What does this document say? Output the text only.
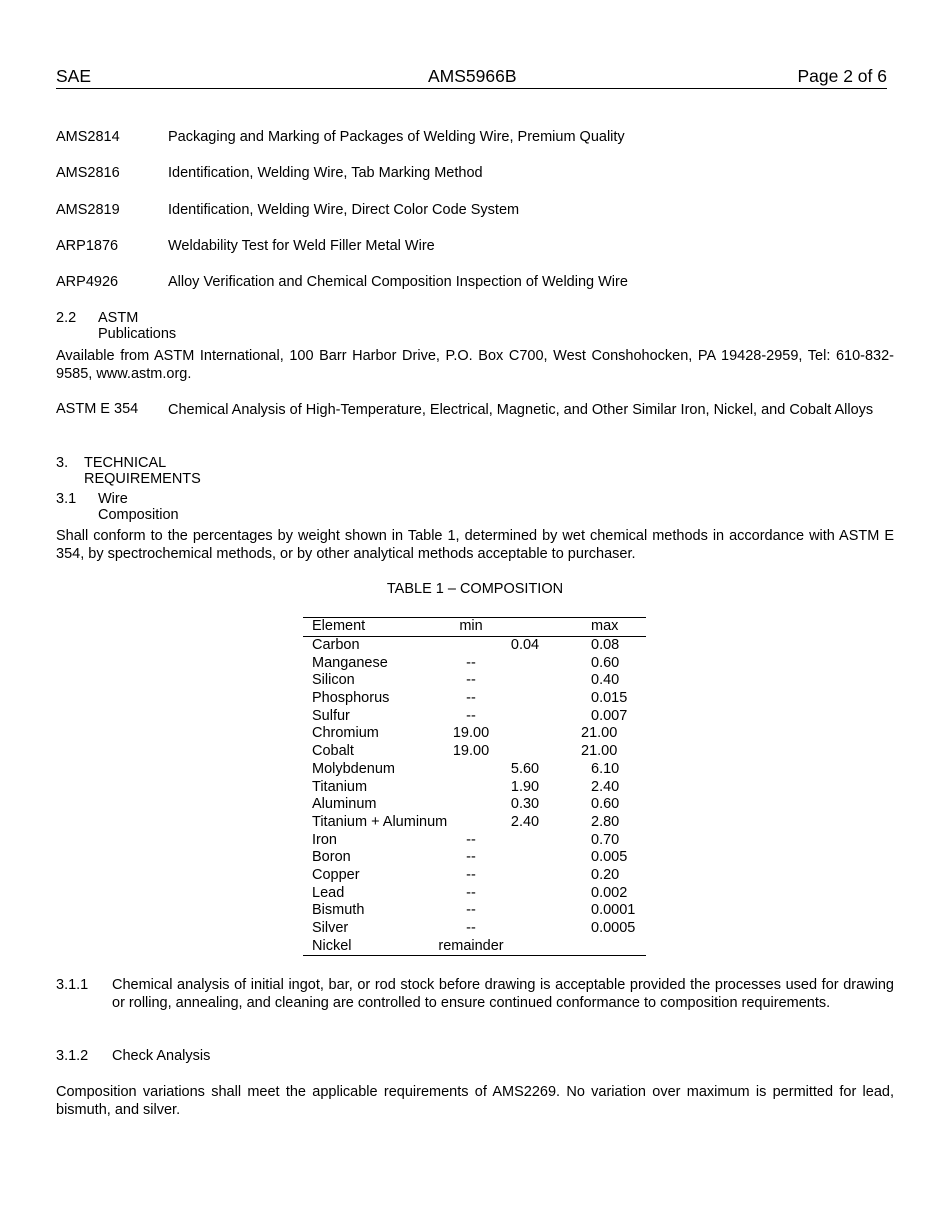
SAE	AMS5966B	Page 2 of 6
AMS2814	Packaging and Marking of Packages of Welding Wire, Premium Quality
AMS2816	Identification, Welding Wire, Tab Marking Method
AMS2819	Identification, Welding Wire, Direct Color Code System
ARP1876	Weldability Test for Weld Filler Metal Wire
ARP4926	Alloy Verification and Chemical Composition Inspection of Welding Wire
2.2 ASTM Publications
Available from ASTM International, 100 Barr Harbor Drive, P.O. Box C700, West Conshohocken, PA 19428-2959, Tel: 610-832-9585, www.astm.org.
ASTM E 354	Chemical Analysis of High-Temperature, Electrical, Magnetic, and Other Similar Iron, Nickel, and Cobalt Alloys
3. TECHNICAL REQUIREMENTS
3.1 Wire Composition
Shall conform to the percentages by weight shown in Table 1, determined by wet chemical methods in accordance with ASTM E 354, by spectrochemical methods, or by other analytical methods acceptable to purchaser.
TABLE 1 – COMPOSITION
Element	min	max
Carbon	0.04	0.08
Manganese	--	0.60
Silicon	--	0.40
Phosphorus	--	0.015
Sulfur	--	0.007
Chromium	19.00	21.00
Cobalt	19.00	21.00
Molybdenum	5.60	6.10
Titanium	1.90	2.40
Aluminum	0.30	0.60
Titanium + Aluminum	2.40	2.80
Iron	--	0.70
Boron	--	0.005
Copper	--	0.20
Lead	--	0.002
Bismuth	--	0.0001
Silver	--	0.0005
Nickel	remainder
3.1.1 Chemical analysis of initial ingot, bar, or rod stock before drawing is acceptable provided the processes used for drawing or rolling, annealing, and cleaning are controlled to ensure continued conformance to composition requirements.
3.1.2 Check Analysis
Composition variations shall meet the applicable requirements of AMS2269. No variation over maximum is permitted for lead, bismuth, and silver.
